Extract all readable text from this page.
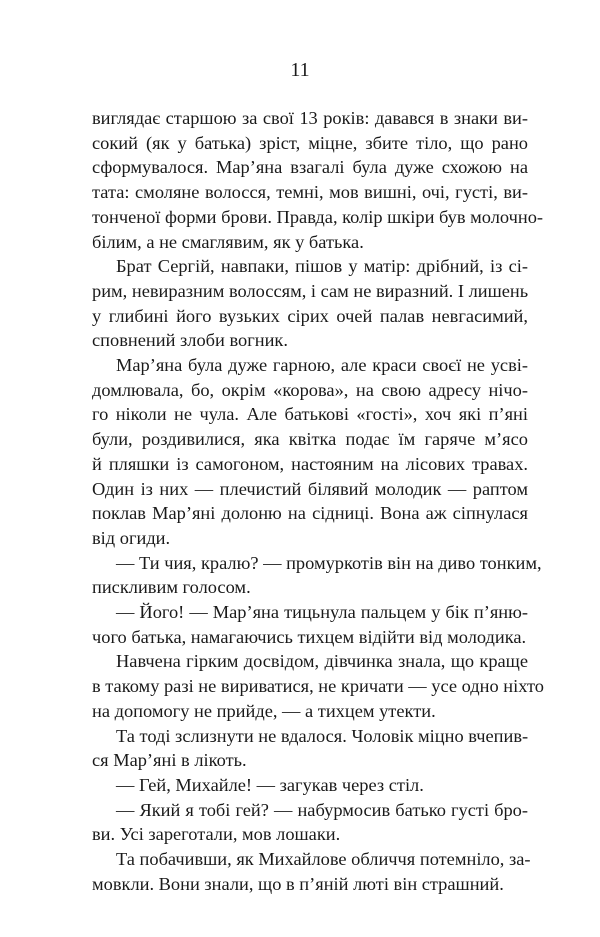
11
виглядає старшою за свої 13 років: давався в знаки ви-
сокий (як у батька) зріст, міцне, збите тіло, що рано
сформувалося. Мар’яна взагалі була дуже схожою на
тата: смоляне волосся, темні, мов вишні, очі, густі, ви-
тонченої форми брови. Правда, колір шкіри був молочно-
білим, а не смаглявим, як у батька.
Брат Сергій, навпаки, пішов у матір: дрібний, із сі-
рим, невиразним волоссям, і сам не виразний. І лишень
у глибині його вузьких сірих очей палав невгасимий,
сповнений злоби вогник.
Мар’яна була дуже гарною, але краси своєї не усві-
домлювала, бо, окрім «корова», на свою адресу нічо-
го ніколи не чула. Але батькові «гості», хоч які п’яні
були, роздивилися, яка квітка подає їм гаряче м’ясо
й пляшки із самогоном, настояним на лісових травах.
Один із них — плечистий білявий молодик — раптом
поклав Мар’яні долоню на сідниці. Вона аж сіпнулася
від огиди.
— Ти чия, кралю? — промуркотів він на диво тонким,
пискливим голосом.
— Його! — Мар’яна тицьнула пальцем у бік п’яню-
чого батька, намагаючись тихцем відійти від молодика.
Навчена гірким досвідом, дівчинка знала, що краще
в такому разі не вириватися, не кричати — усе одно ніхто
на допомогу не прийде, — а тихцем утекти.
Та тоді зслизнути не вдалося. Чоловік міцно вчепив-
ся Мар’яні в лікоть.
— Гей, Михайле! — загукав через стіл.
— Який я тобі гей? — набурмосив батько густі бро-
ви. Усі зареготали, мов лошаки.
Та побачивши, як Михайлове обличчя потемніло, за-
мовкли. Вони знали, що в п’яній люті він страшний.
